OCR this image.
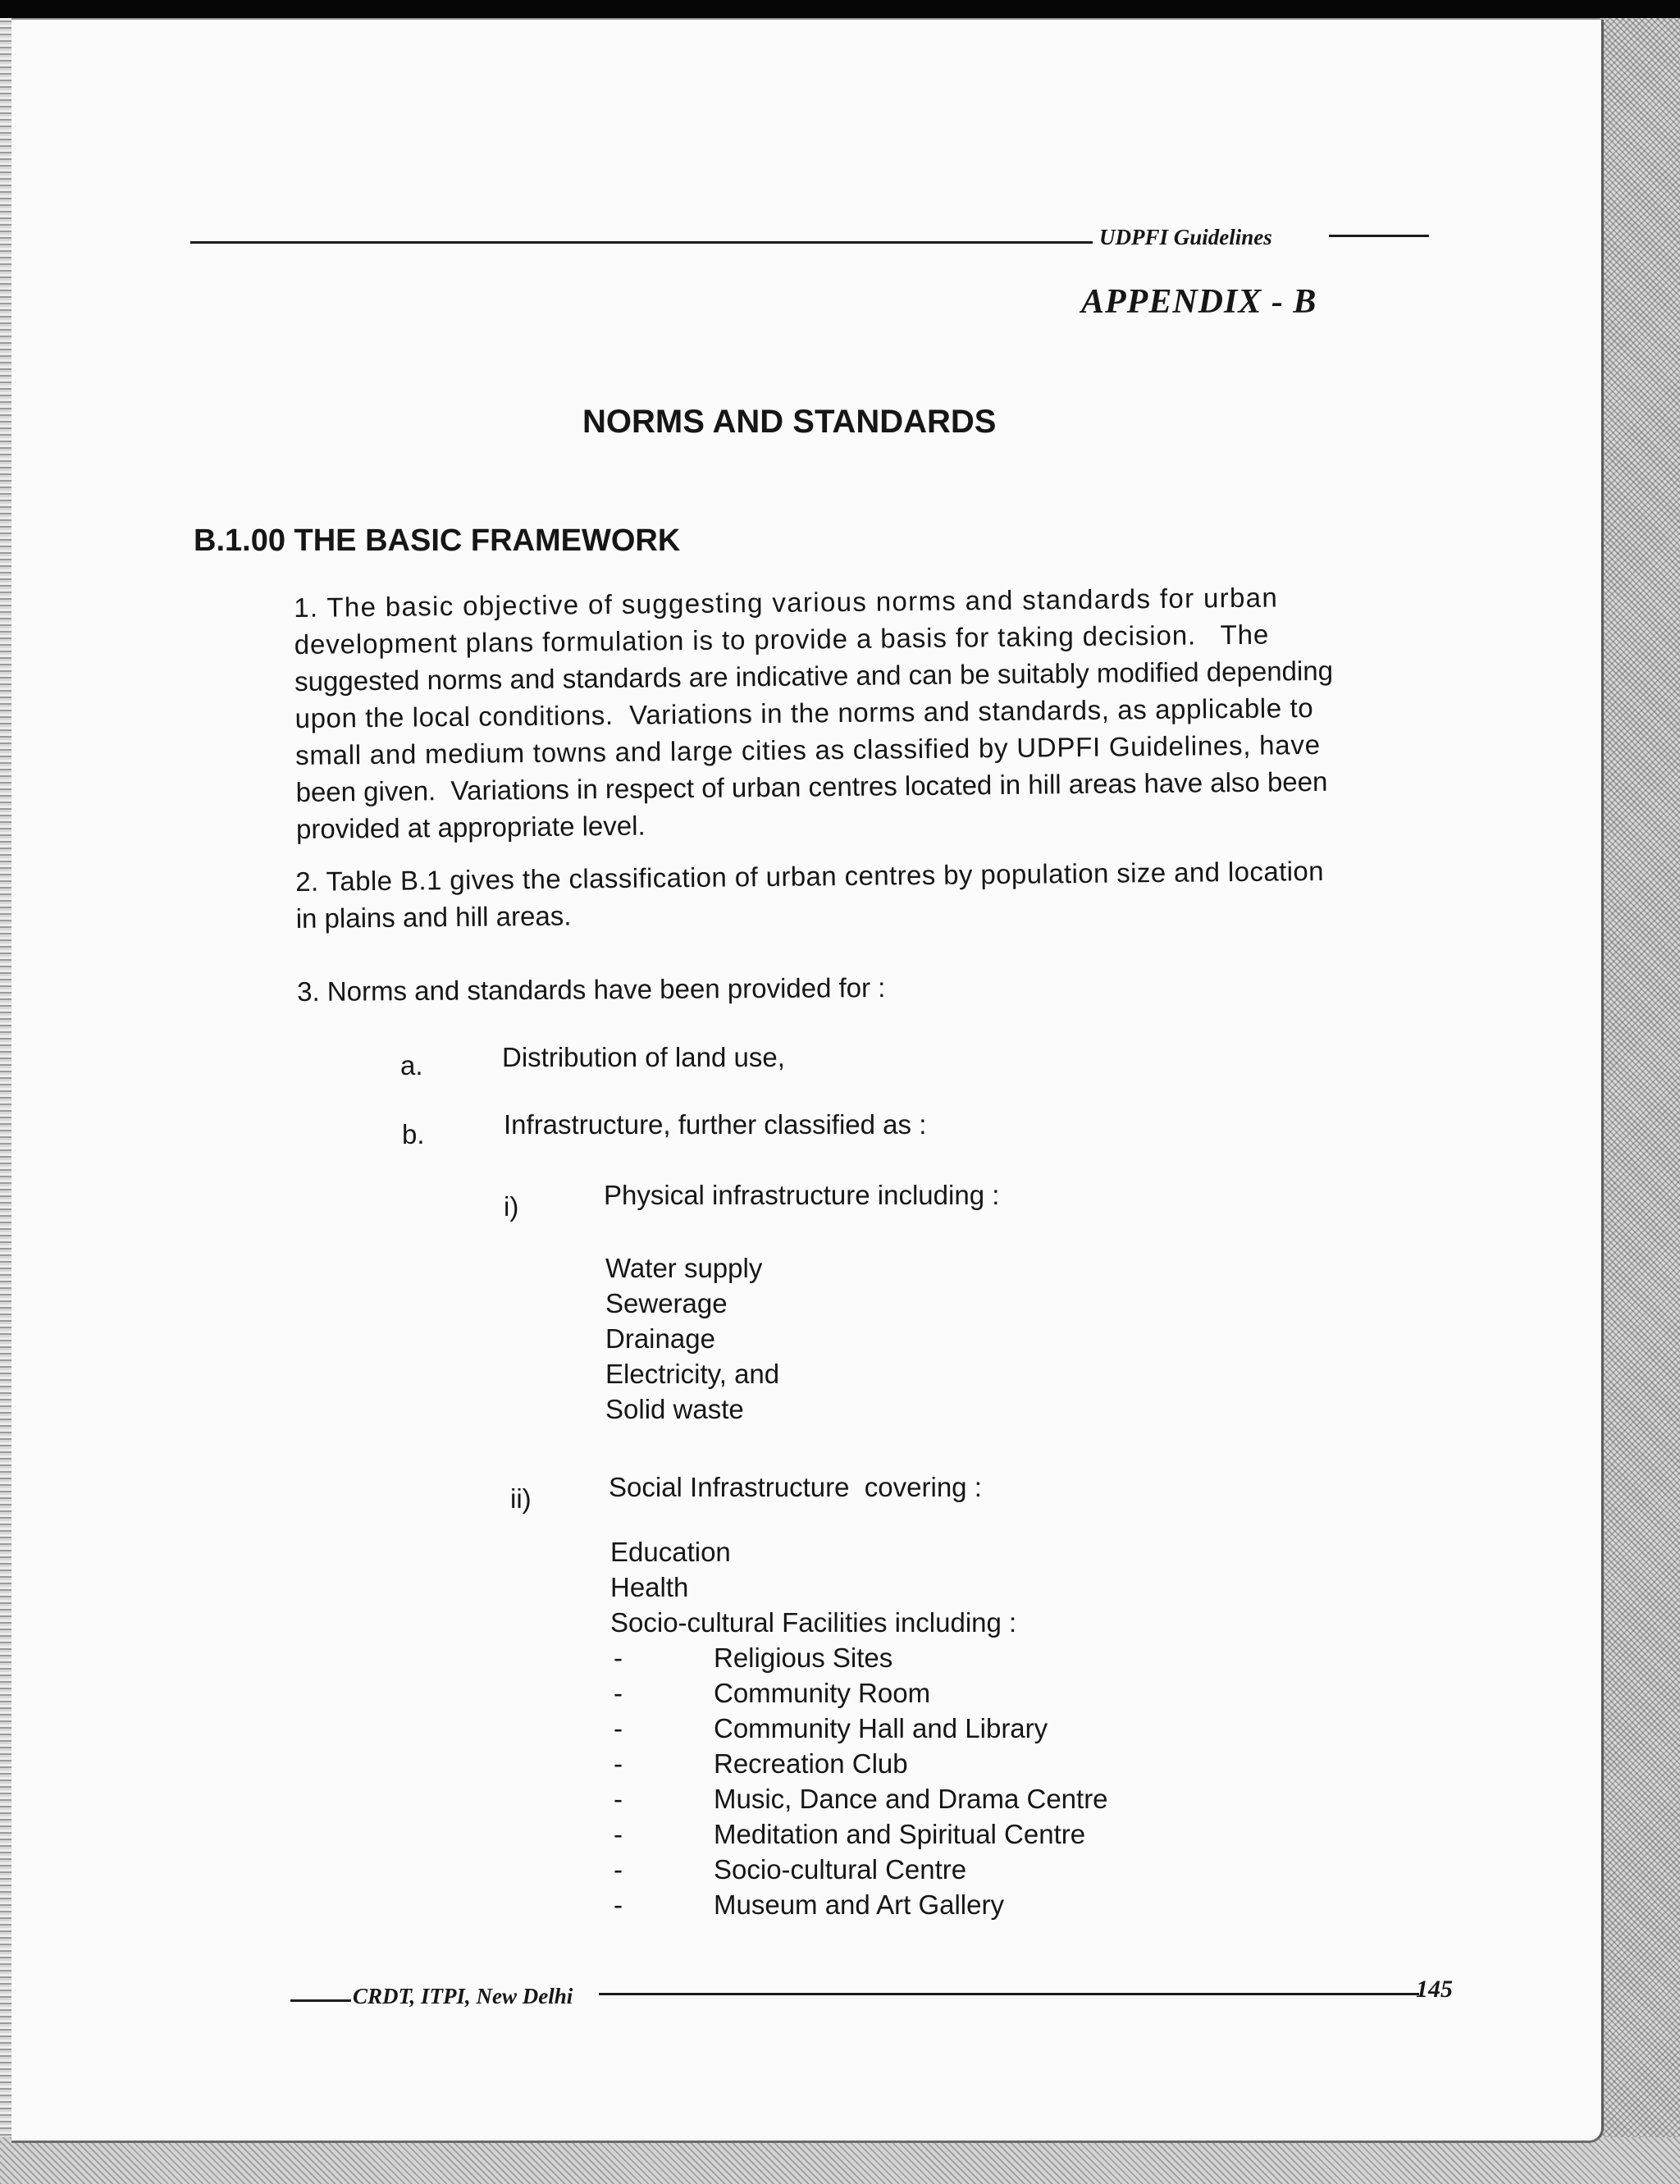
UDPFI Guidelines
APPENDIX - B
NORMS AND STANDARDS
B.1.00 THE BASIC FRAMEWORK
1. The basic objective of suggesting various norms and standards for urban
development plans formulation is to provide a basis for taking decision.   The
suggested norms and standards are indicative and can be suitably modified depending
upon the local conditions.  Variations in the norms and standards, as applicable to
small and medium towns and large cities as classified by UDPFI Guidelines, have
been given.  Variations in respect of urban centres located in hill areas have also been
provided at appropriate level.
2. Table B.1 gives the classification of urban centres by population size and location
in plains and hill areas.
3. Norms and standards have been provided for :
a.	Distribution of land use,
b.	Infrastructure, further classified as :
i)	Physical infrastructure including :
Water supply
Sewerage
Drainage
Electricity, and
Solid waste
ii)	Social Infrastructure  covering :
Education
Health
Socio-cultural Facilities including :
-	Religious Sites
-	Community Room
-	Community Hall and Library
-	Recreation Club
-	Music, Dance and Drama Centre
-	Meditation and Spiritual Centre
-	Socio-cultural Centre
-	Museum and Art Gallery
CRDT, ITPI, New Delhi	145
